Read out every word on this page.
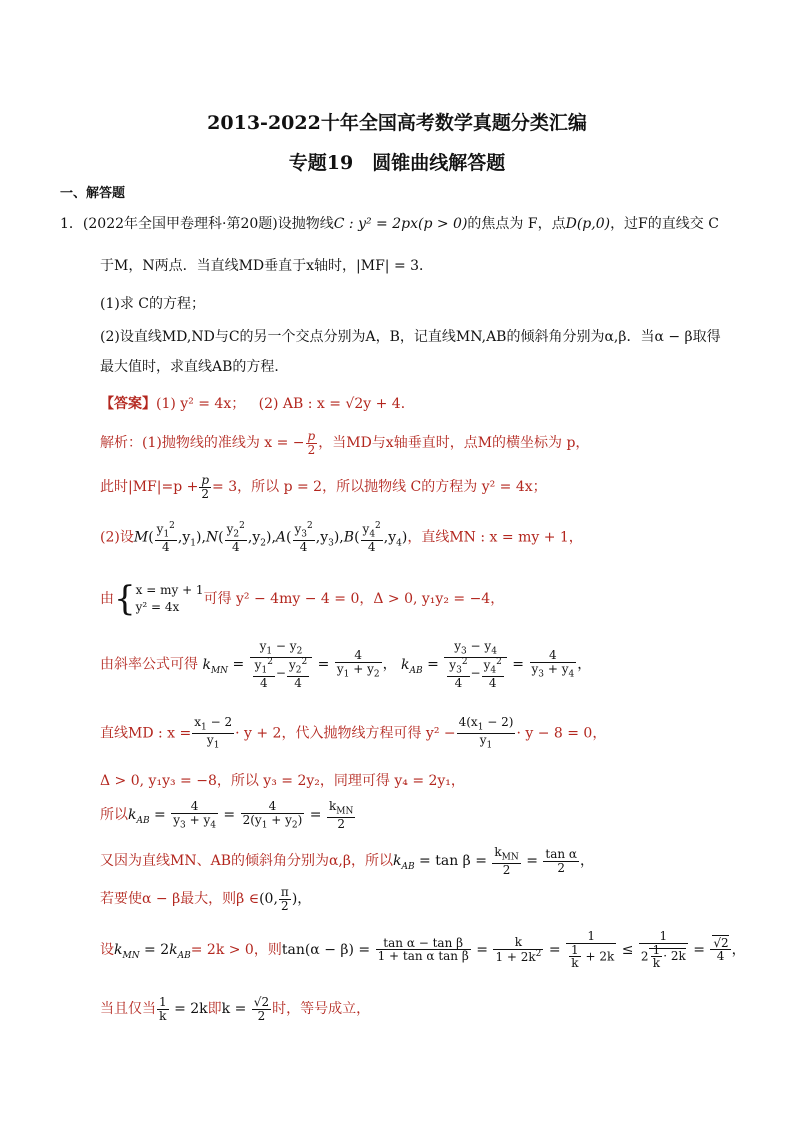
2013-2022十年全国高考数学真题分类汇编
专题19　圆锥曲线解答题
一、解答题
1．(2022年全国甲卷理科·第20题)设抛物线C : y² = 2px(p > 0)的焦点为 F，点D(p,0)，过F的直线交 C
于M，N两点．当直线MD垂直于x轴时，|MF| = 3．
(1)求 C的方程；
(2)设直线MD,ND与C的另一个交点分别为A，B，记直线MN,AB的倾斜角分别为α,β．当α − β取得
最大值时，求直线AB的方程．
【答案】(1) y² = 4x； (2) AB : x = √2y + 4．
解析：(1)抛物线的准线为 x = − $\frac{p}{2}$ ，当MD与x轴垂直时，点M的横坐标为 p，
此时$|MF|=p + \frac{p}{2} = 3$，所以 p = 2，所以抛物线 C的方程为 y² = 4x；
(2)设$M( \frac{y_1^2}{4} ,y_1),N( \frac{y_2^2}{4} ,y_2),A( \frac{y_3^2}{4} ,y_3),B( \frac{y_4^2}{4} ,y_4)$，直线MN : x = my + 1，
由{ x = my + 1
y² = 4x	可得 y² − 4my − 4 = 0，Δ > 0, y₁y₂ = −4，
由斜率公式可得 $k_{MN} = \frac{y_1 - y_2}{\frac{y_1^2}{4} - \frac{y_2^2}{4}} = \frac{4}{y_1 + y_2}$ ， $k_{AB} = \frac{y_3 - y_4}{\frac{y_3^2}{4} - \frac{y_4^2}{4}} = \frac{4}{y_3 + y_4}$ ，
直线MD : $x = \frac{x_1 - 2}{y_1} \cdot y + 2$，代入抛物线方程可得 $y^2 - \frac{4(x_1 - 2)}{y_1} \cdot y - 8 = 0$，
Δ > 0, y₁y₃ = −8，所以 y₃ = 2y₂，同理可得 y₄ = 2y₁，
所以$k_{AB} = \frac{4}{y_3 + y_4} = \frac{4}{2(y_1 + y_2)} = \frac{k_{MN}}{2}$
又因为直线MN、AB的倾斜角分别为α,β，所以$k_{AB} = \tan \beta = \frac{k_{MN}}{2} = \frac{\text{tan α}}{2}$ ，
若要使α − β最大，则β ∈(0, $\frac{\pi}{2}$ )，
设$k_{MN} = 2k_{AB}= 2k > 0$，则$\tan(\alpha - \beta) = \frac{\text{tan α − tan β}}{\text{1 + tan α tan β}} = \frac{k}{1 + 2k^2} = \frac{1}{\frac{1}{k} + 2k} \le \frac{1}{2 \frac{1}{k} \cdot 2k} = \frac{√2}{4}$ ，
当且仅当 $\frac{1}{k} = 2k$即$k = \frac{√2}{2}$ 时，等号成立，
